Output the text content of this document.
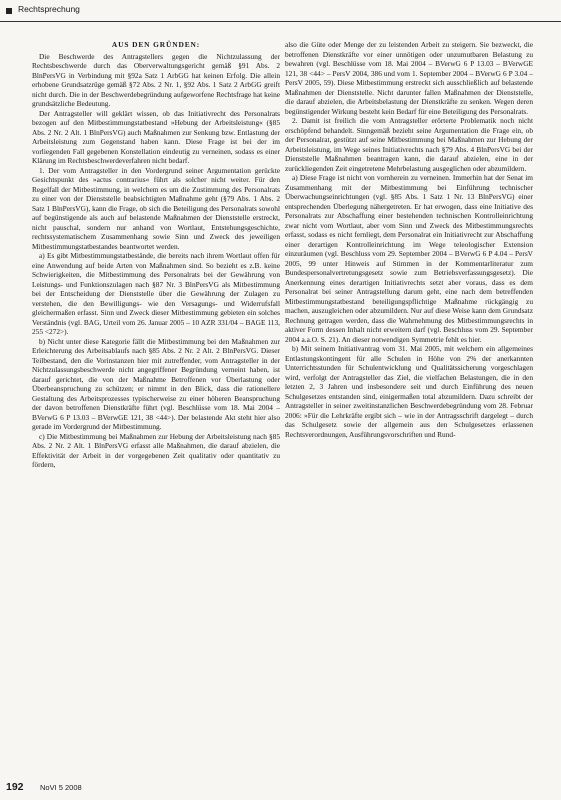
Rechtsprechung
AUS DEN GRÜNDEN:

Die Beschwerde des Antragstellers gegen die Nichtzulassung der Rechtsbeschwerde durch das Oberverwaltungsgericht gemäß §91 Abs. 2 BlnPersVG in Verbindung mit §92a Satz 1 ArbGG hat keinen Erfolg. Die allein erhobene Grundsatzrüge gemäß §72 Abs. 2 Nr. 1, §92 Abs. 1 Satz 2 ArbGG greift nicht durch. Die in der Beschwerdebegründung aufgeworfene Rechtsfrage hat keine grundsätzliche Bedeutung.

Der Antragsteller will geklärt wissen, ob das Initiativrecht des Personalrats bezogen auf den Mitbestimmungstatbestand »Hebung der Arbeitsleistung« (§85 Abs. 2 Nr. 2 Alt. 1 BlnPersVG) auch Maßnahmen zur Senkung bzw. Entlastung der Arbeitsleistung zum Gegenstand haben kann. Diese Frage ist bei der im vorliegenden Fall gegebenen Konstellation eindeutig zu verneinen, sodass es einer Klärung im Rechtsbeschwerdeverfahren nicht bedarf.

1. Der vom Antragsteller in den Vordergrund seiner Argumentation gerückte Gesichtspunkt des »actus contrarius« führt als solcher nicht weiter. Für den Regelfall der Mitbestimmung, in welchem es um die Zustimmung des Personalrats zu einer von der Dienststelle beabsichtigten Maßnahme geht (§79 Abs. 1 Abs. 2 Satz 1 BlnPersVG), kann die Frage, ob sich die Beteiligung des Personalrats sowohl auf begünstigende als auch auf belastende Maßnahmen der Dienststelle erstreckt, nicht pauschal, sondern nur anhand von Wortlaut, Entstehungsgeschichte, rechtssystematischem Zusammenhang sowie Sinn und Zweck des jeweiligen Mitbestimmungstatbestandes beantwortet werden.

a) Es gibt Mitbestimmungstatbestände, die bereits nach ihrem Wortlaut offen für eine Anwendung auf beide Arten von Maßnahmen sind. So bezieht es z.B. keine Schwierigkeiten, die Mitbestimmung des Personalrats bei der Gewährung von Leistungs- und Funktionszulagen nach §87 Nr. 3 BlnPersVG als Mitbestimmung bei der Entscheidung der Dienststelle über die Gewährung der Zulagen zu verstehen, die den Bewilligungs- wie den Versagungs- und Widerrufsfall gleichermaßen erfasst. Sinn und Zweck dieser Mitbestimmung gebieten ein solches Verständnis (vgl. BAG, Urteil vom 26. Januar 2005 – 10 AZR 331/04 – BAGE 113, 255 <272>).

b) Nicht unter diese Kategorie fällt die Mitbestimmung bei den Maßnahmen zur Erleichterung des Arbeitsablaufs nach §85 Abs. 2 Nr. 2 Alt. 2 BlnPersVG. Dieser Teilbestand, den die Vorinstanzen hier mit zutreffender, vom Antragsteller in der Nichtzulassungsbeschwerde nicht angegriffener Begründung verneint haben, ist darauf gerichtet, die von der Maßnahme Betroffenen vor Überlastung oder Überbeanspruchung zu schützen; er nimmt in den Blick, dass die rationellere Gestaltung des Arbeitsprozesses typischerweise zu einer höheren Beanspruchung der davon betroffenen Dienstkräfte führt (vgl. Beschlüsse vom 18. Mai 2004 – BVerwG 6 P 13.03 – BVerwGE 121, 38 <44>). Der belastende Akt steht hier also gerade im Vordergrund der Mitbestimmung.

c) Die Mitbestimmung bei Maßnahmen zur Hebung der Arbeitsleistung nach §85 Abs. 2 Nr. 2 Alt. 1 BlnPersVG erfasst alle Maßnahmen, die darauf abzielen, die Effektivität der Arbeit in der vorgegebenen Zeit qualitativ oder quantitativ zu fördern,

also die Güte oder Menge der zu leistenden Arbeit zu steigern. Sie bezweckt, die betroffenen Dienstkräfte vor einer unnötigen oder unzumutbaren Belastung zu bewahren (vgl. Beschlüsse vom 18. Mai 2004 – BVerwG 6 P 13.03 – BVerwGE 121, 38 <44> – PersV 2004, 386 und vom 1. September 2004 – BVerwG 6 P 3.04 – PersV 2005, 59). Diese Mitbestimmung erstreckt sich ausschließlich auf belastende Maßnahmen der Dienststelle. Nicht darunter fallen Maßnahmen der Dienststelle, die darauf abzielen, die Arbeitsbelastung der Dienstkräfte zu senken. Wegen deren begünstigender Wirkung besteht kein Bedarf für eine Beteiligung des Personalrats.

2. Damit ist freilich die vom Antragsteller erörterte Problematik noch nicht erschöpfend behandelt. Sinngemäß bezieht seine Argumentation die Frage ein, ob der Personalrat, gestützt auf seine Mitbestimmung bei Maßnahmen zur Hebung der Arbeitsleistung, im Wege seines Initiativrechts nach §79 Abs. 4 BlnPersVG bei der Dienststelle Maßnahmen beantragen kann, die darauf abzielen, eine in der zurückliegenden Zeit eingetretene Mehrbelastung ausgeglichen oder abzumildern.

a) Diese Frage ist nicht von vornherein zu verneinen. Immerhin hat der Senat im Zusammenhang mit der Mitbestimmung bei Einführung technischer Überwachungseinrichtungen (vgl. §85 Abs. 1 Satz 1 Nr. 13 BlnPersVG) einer entsprechenden Überlegung nähergetreten. Er hat erwogen, dass eine Initiative des Personalrats zur Abschaffung einer bestehenden technischen Kontrolleinrichtung zwar nicht vom Wortlaut, aber vom Sinn und Zweck des Mitbestimmungsrechts erfasst, sodass es nicht fernliegt, dem Personalrat ein Initiativrecht zur Abschaffung einer derartigen Kontrolleinrichtung im Wege teleologischer Extension einzuräumen (vgl. Beschluss vom 29. September 2004 – BVerwG 6 P 4.04 – PersV 2005, 99 unter Hinweis auf Stimmen in der Kommentarliteratur zum Bundespersonalvertretungsgesetz sowie zum Betriebsverfassungsgesetz). Die Anerkennung eines derartigen Initiativrechts setzt aber voraus, dass es dem Personalrat bei seiner Antragstellung darum geht, eine nach dem betreffenden Mitbestimmungstatbestand beteiligungspflichtige Maßnahme rückgängig zu machen, auszugleichen oder abzumildern. Nur auf diese Weise kann dem Grundsatz Rechnung getragen werden, dass die Wahrnehmung des Mitbestimmungsrechts in aktiver Form dessen Inhalt nicht erweitern darf (vgl. Beschluss vom 29. September 2004 a.a.O. S. 21). An dieser notwendigen Symmetrie fehlt es hier.

b) Mit seinem Initiativantrag vom 31. Mai 2005, mit welchem ein allgemeines Entlastungskontingent für alle Schulen in Höhe von 2% der anerkannten Unterrichtsstunden für Schulentwicklung und Qualitätssicherung vorgeschlagen wird, verfolgt der Antragsteller das Ziel, die vielfachen Belastungen, die in den letzten 2, 3 Jahren und insbesondere seit und durch Einführung des neuen Schulgesetzes entstanden sind, einigermaßen total abzumildern. Dazu schreibt der Antragsteller in seiner zweitinstanzlichen Beschwerdebegründung vom 28. Februar 2006: »Für die Lehrkräfte ergibt sich – wie in der Antragsschrift dargelegt – durch das Schulgesetz sowie der allgemein aus den Schulgesetzes erlassenen Rechtsverordnungen, Ausführungsvorschriften und Rund-

192 NoVI 5 2008
